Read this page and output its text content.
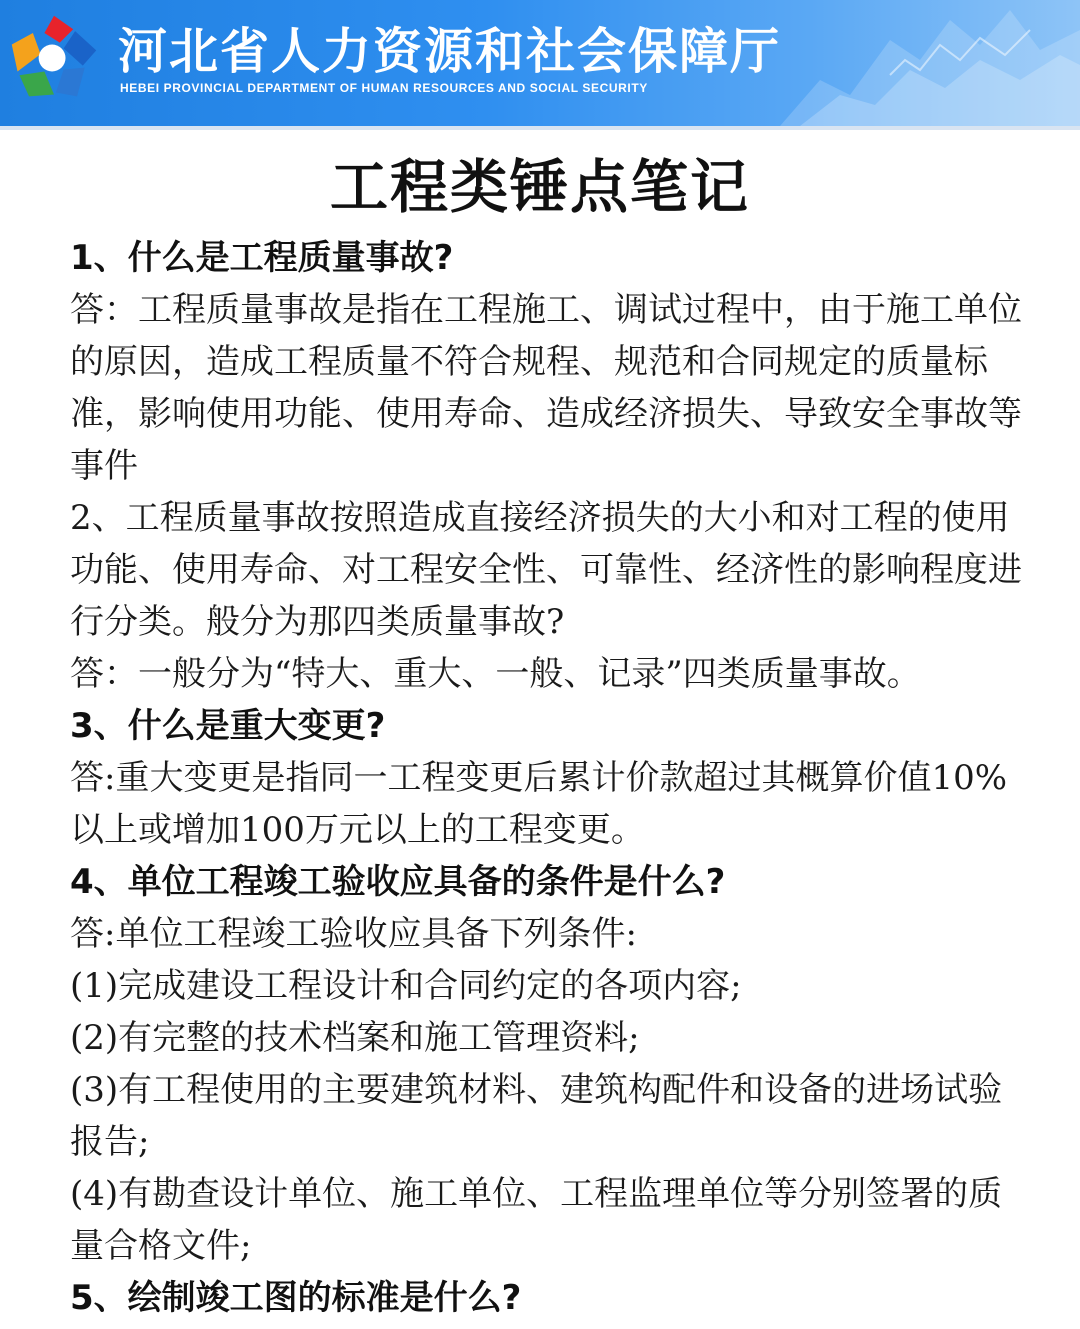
河北省人力资源和社会保障厅
HEBEI PROVINCIAL DEPARTMENT OF HUMAN RESOURCES AND SOCIAL SECURITY
工程类锤点笔记
1、什么是工程质量事故?
答：工程质量事故是指在工程施工、调试过程中，由于施工单位
的原因，造成工程质量不符合规程、规范和合同规定的质量标
准，影响使用功能、使用寿命、造成经济损失、导致安全事故等
事件
2、工程质量事故按照造成直接经济损失的大小和对工程的使用
功能、使用寿命、对工程安全性、可靠性、经济性的影响程度进
行分类。般分为那四类质量事故?
答：一般分为“特大、重大、一般、记录”四类质量事故。
3、什么是重大变更?
答:重大变更是指同一工程变更后累计价款超过其概算价值10%
以上或增加100万元以上的工程变更。
4、单位工程竣工验收应具备的条件是什么?
答:单位工程竣工验收应具备下列条件:
(1)完成建设工程设计和合同约定的各项内容;
(2)有完整的技术档案和施工管理资料;
(3)有工程使用的主要建筑材料、建筑构配件和设备的进场试验
报告;
(4)有勘查设计单位、施工单位、工程监理单位等分别签署的质
量合格文件;
5、绘制竣工图的标准是什么?
